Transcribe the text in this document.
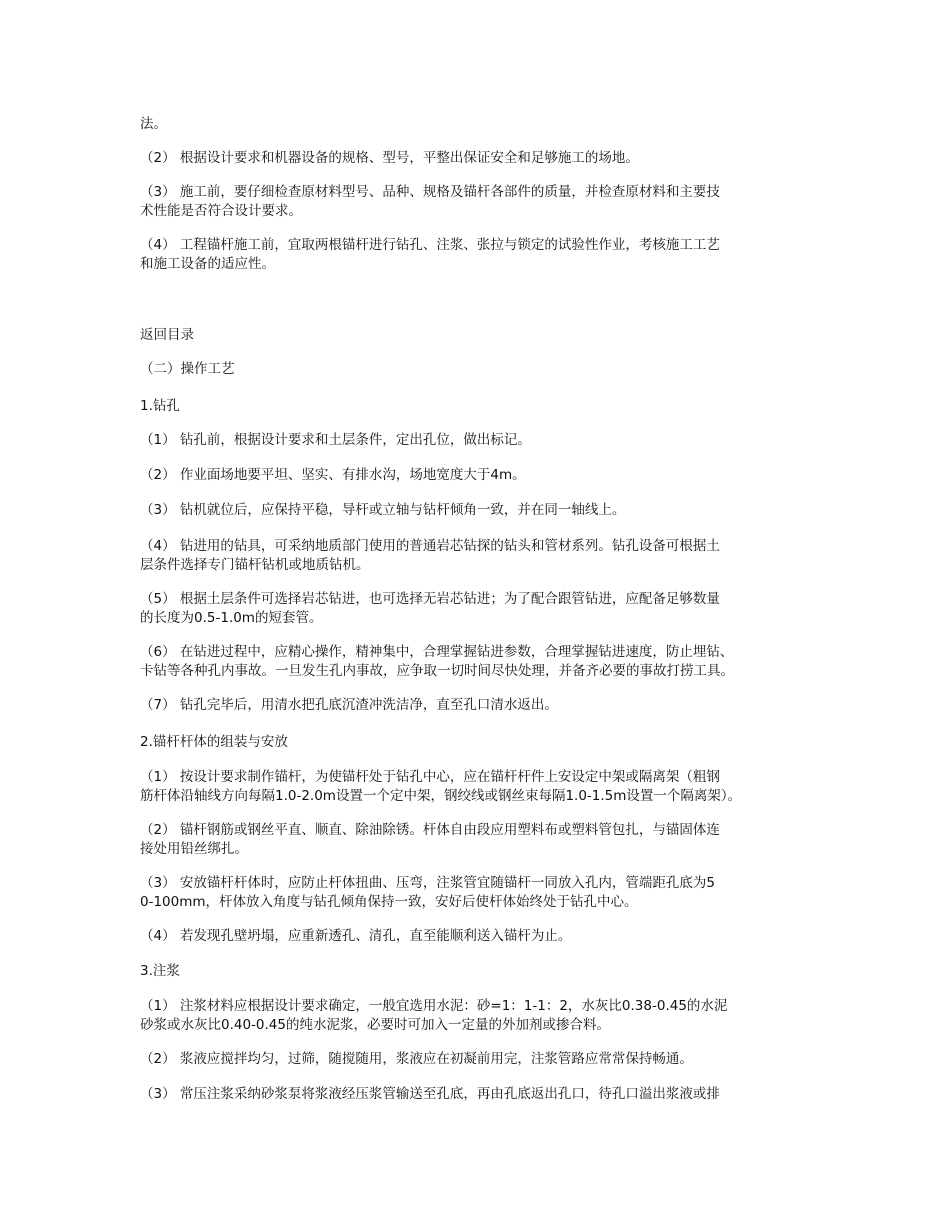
法。

（2） 根据设计要求和机器设备的规格、型号，平整出保证安全和足够施工的场地。

（3） 施工前，要仔细检查原材料型号、品种、规格及锚杆各部件的质量，并检查原材料和主要技
术性能是否符合设计要求。

（4） 工程锚杆施工前，宜取两根锚杆进行钻孔、注浆、张拉与锁定的试验性作业，考核施工工艺
和施工设备的适应性。

返回目录

（二）操作工艺

1.钻孔

（1） 钻孔前，根据设计要求和土层条件，定出孔位，做出标记。

（2） 作业面场地要平坦、坚实、有排水沟，场地宽度大于4m。

（3） 钻机就位后，应保持平稳，导杆或立轴与钻杆倾角一致，并在同一轴线上。

（4） 钻进用的钻具，可采纳地质部门使用的普通岩芯钻探的钻头和管材系列。钻孔设备可根据土
层条件选择专门锚杆钻机或地质钻机。

（5） 根据土层条件可选择岩芯钻进，也可选择无岩芯钻进；为了配合跟管钻进，应配备足够数量
的长度为0.5-1.0m的短套管。

（6） 在钻进过程中，应精心操作，精神集中，合理掌握钻进参数，合理掌握钻进速度，防止埋钻、
卡钻等各种孔内事故。一旦发生孔内事故，应争取一切时间尽快处理，并备齐必要的事故打捞工具。

（7） 钻孔完毕后，用清水把孔底沉渣冲洗洁净，直至孔口清水返出。

2.锚杆杆体的组装与安放

（1） 按设计要求制作锚杆，为使锚杆处于钻孔中心，应在锚杆杆件上安设定中架或隔离架（粗钢
筋杆体沿轴线方向每隔1.0-2.0m设置一个定中架，钢绞线或钢丝束每隔1.0-1.5m设置一个隔离架）。

（2） 锚杆钢筋或钢丝平直、顺直、除油除锈。杆体自由段应用塑料布或塑料管包扎，与锚固体连
接处用铅丝绑扎。

（3） 安放锚杆杆体时，应防止杆体扭曲、压弯，注浆管宜随锚杆一同放入孔内，管端距孔底为5
0-100mm，杆体放入角度与钻孔倾角保持一致，安好后使杆体始终处于钻孔中心。

（4） 若发现孔壁坍塌，应重新透孔、清孔，直至能顺利送入锚杆为止。

3.注浆

（1） 注浆材料应根据设计要求确定，一般宜选用水泥：砂=1：1-1：2，水灰比0.38-0.45的水泥
砂浆或水灰比0.40-0.45的纯水泥浆，必要时可加入一定量的外加剂或掺合料。

（2） 浆液应搅拌均匀，过筛，随搅随用，浆液应在初凝前用完，注浆管路应常常保持畅通。

（3） 常压注浆采纳砂浆泵将浆液经压浆管输送至孔底，再由孔底返出孔口，待孔口溢出浆液或排
